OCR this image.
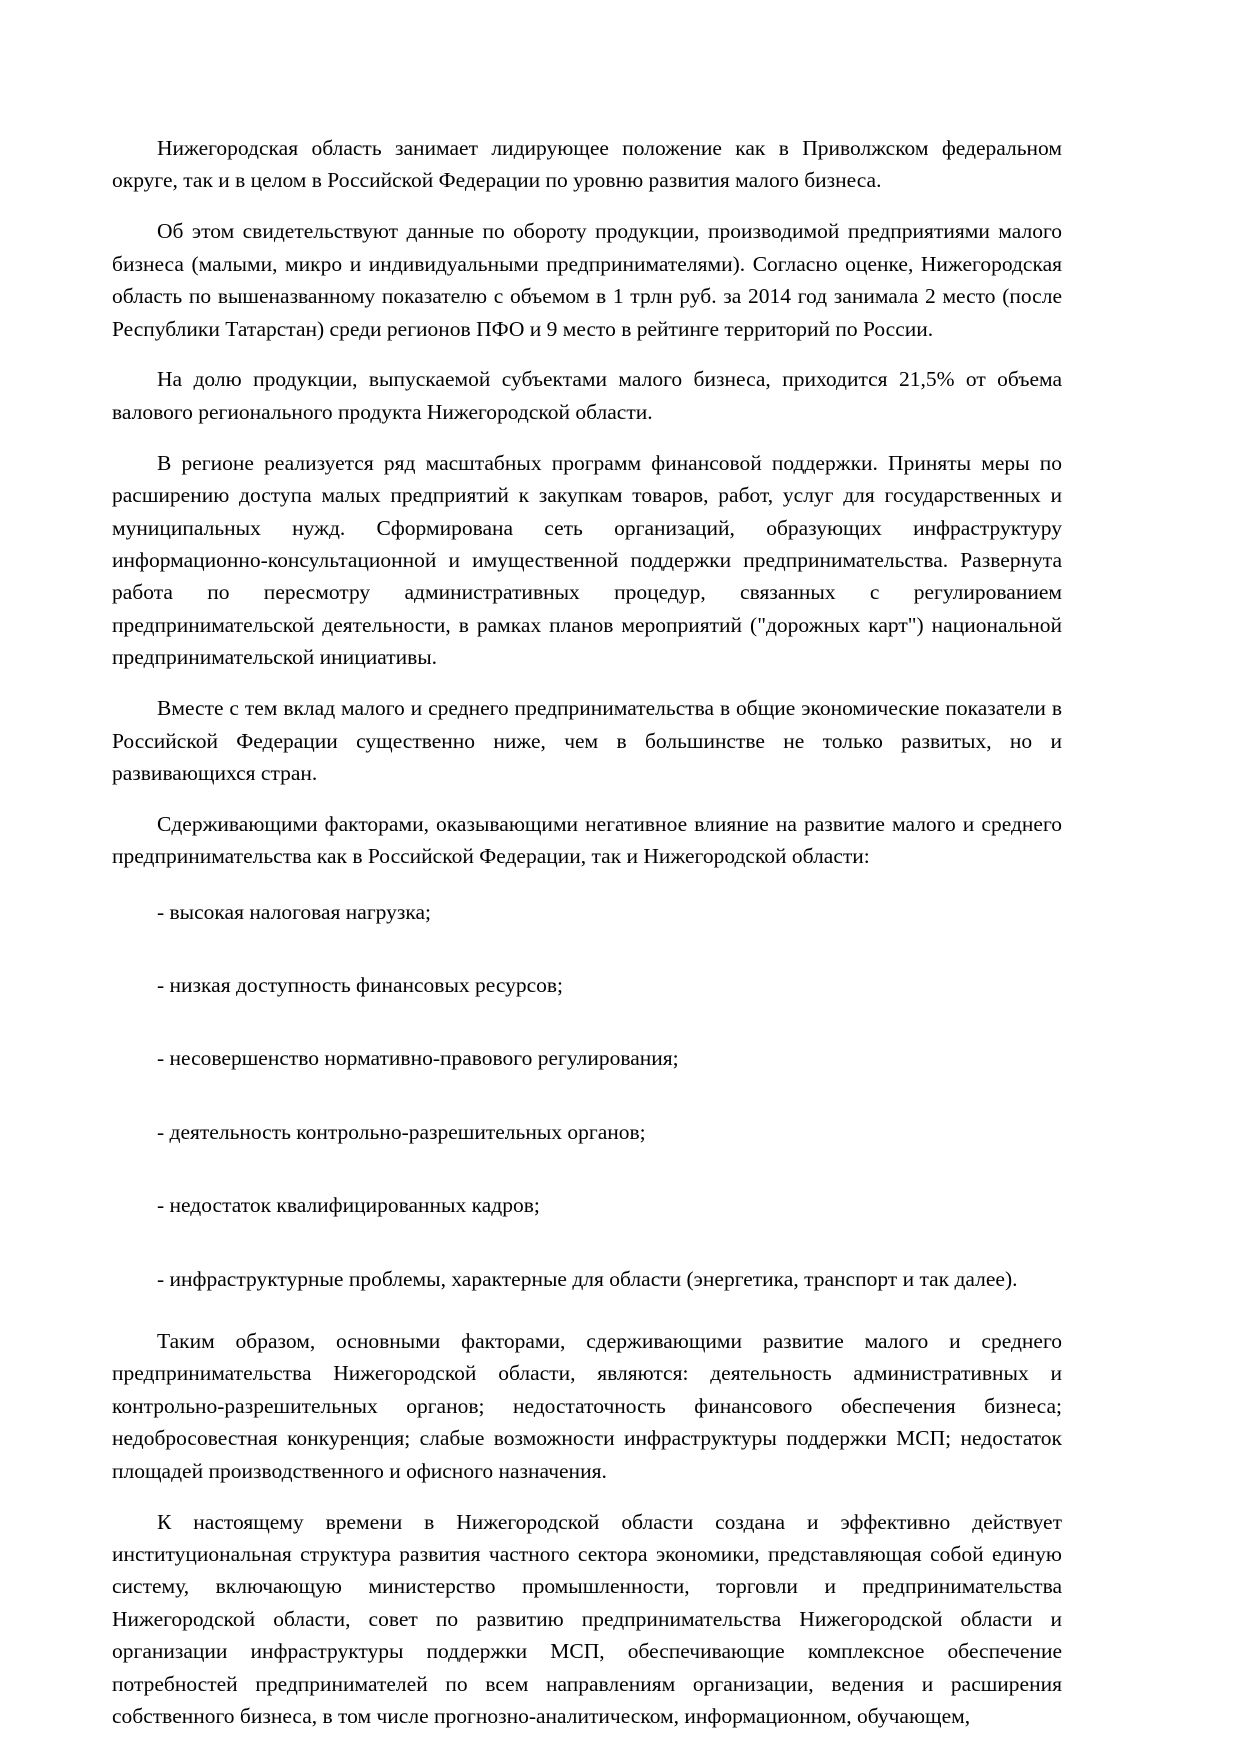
Нижегородская область занимает лидирующее положение как в Приволжском федеральном округе, так и в целом в Российской Федерации по уровню развития малого бизнеса.

Об этом свидетельствуют данные по обороту продукции, производимой предприятиями малого бизнеса (малыми, микро и индивидуальными предпринимателями). Согласно оценке, Нижегородская область по вышеназванному показателю с объемом в 1 трлн руб. за 2014 год занимала 2 место (после Республики Татарстан) среди регионов ПФО и 9 место в рейтинге территорий по России.

На долю продукции, выпускаемой субъектами малого бизнеса, приходится 21,5% от объема валового регионального продукта Нижегородской области.

В регионе реализуется ряд масштабных программ финансовой поддержки. Приняты меры по расширению доступа малых предприятий к закупкам товаров, работ, услуг для государственных и муниципальных нужд. Сформирована сеть организаций, образующих инфраструктуру информационно-консультационной и имущественной поддержки предпринимательства. Развернута работа по пересмотру административных процедур, связанных с регулированием предпринимательской деятельности, в рамках планов мероприятий ("дорожных карт") национальной предпринимательской инициативы.

Вместе с тем вклад малого и среднего предпринимательства в общие экономические показатели в Российской Федерации существенно ниже, чем в большинстве не только развитых, но и развивающихся стран.

Сдерживающими факторами, оказывающими негативное влияние на развитие малого и среднего предпринимательства как в Российской Федерации, так и Нижегородской области:

- высокая налоговая нагрузка;

- низкая доступность финансовых ресурсов;

- несовершенство нормативно-правового регулирования;

- деятельность контрольно-разрешительных органов;

- недостаток квалифицированных кадров;

- инфраструктурные проблемы, характерные для области (энергетика, транспорт и так далее).

Таким образом, основными факторами, сдерживающими развитие малого и среднего предпринимательства Нижегородской области, являются: деятельность административных и контрольно-разрешительных органов; недостаточность финансового обеспечения бизнеса; недобросовестная конкуренция; слабые возможности инфраструктуры поддержки МСП; недостаток площадей производственного и офисного назначения.

К настоящему времени в Нижегородской области создана и эффективно действует институциональная структура развития частного сектора экономики, представляющая собой единую систему, включающую министерство промышленности, торговли и предпринимательства Нижегородской области, совет по развитию предпринимательства Нижегородской области и организации инфраструктуры поддержки МСП, обеспечивающие комплексное обеспечение потребностей предпринимателей по всем направлениям организации, ведения и расширения собственного бизнеса, в том числе прогнозно-аналитическом, информационном, обучающем,
